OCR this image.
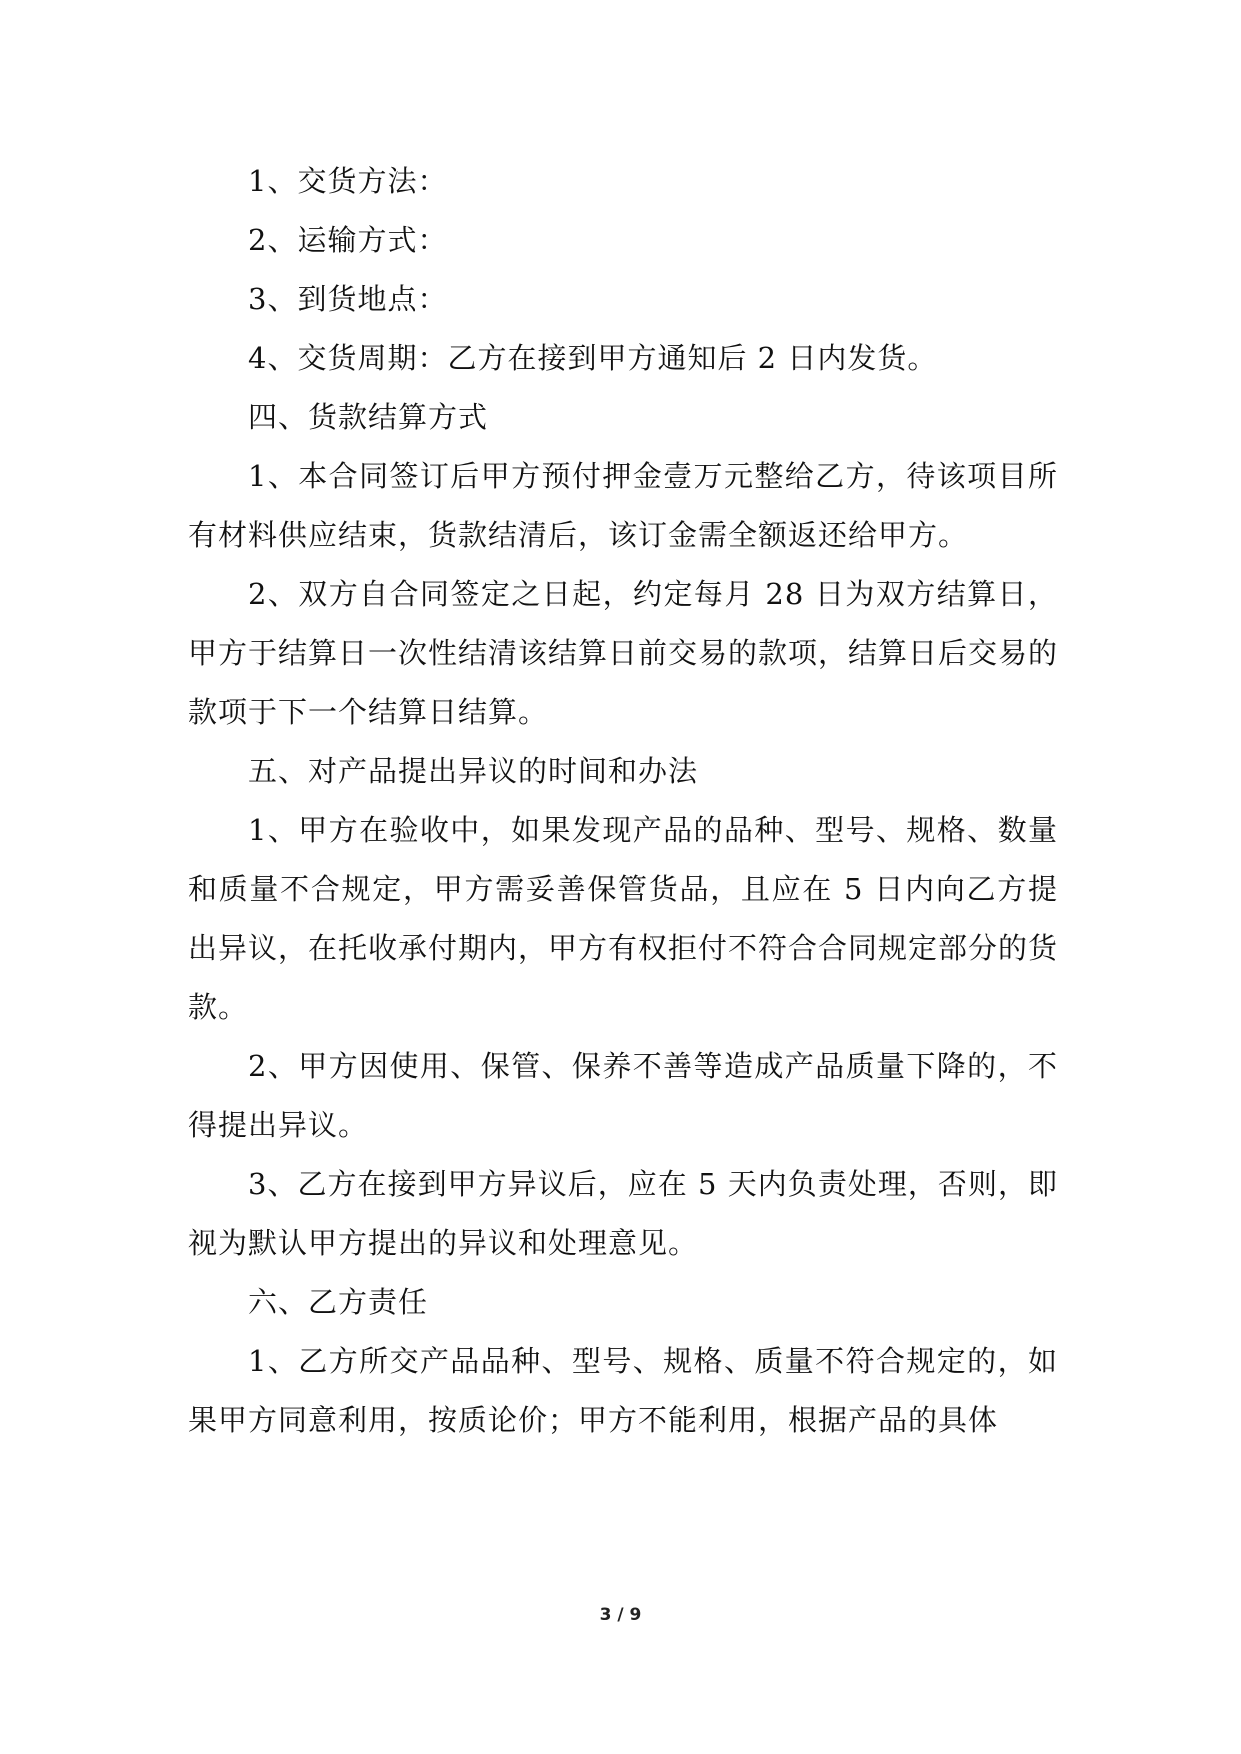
1、交货方法：

2、运输方式：

3、到货地点：

4、交货周期：乙方在接到甲方通知后 2 日内发货。

四、货款结算方式

1、本合同签订后甲方预付押金壹万元整给乙方，待该项目所有材料供应结束，货款结清后，该订金需全额返还给甲方。

2、双方自合同签定之日起，约定每月 28 日为双方结算日，甲方于结算日一次性结清该结算日前交易的款项，结算日后交易的款项于下一个结算日结算。

五、对产品提出异议的时间和办法

1、甲方在验收中，如果发现产品的品种、型号、规格、数量和质量不合规定，甲方需妥善保管货品，且应在 5 日内向乙方提出异议，在托收承付期内，甲方有权拒付不符合合同规定部分的货款。

2、甲方因使用、保管、保养不善等造成产品质量下降的，不得提出异议。

3、乙方在接到甲方异议后，应在 5 天内负责处理，否则，即视为默认甲方提出的异议和处理意见。

六、乙方责任

1、乙方所交产品品种、型号、规格、质量不符合规定的，如果甲方同意利用，按质论价；甲方不能利用，根据产品的具体

3 / 9
